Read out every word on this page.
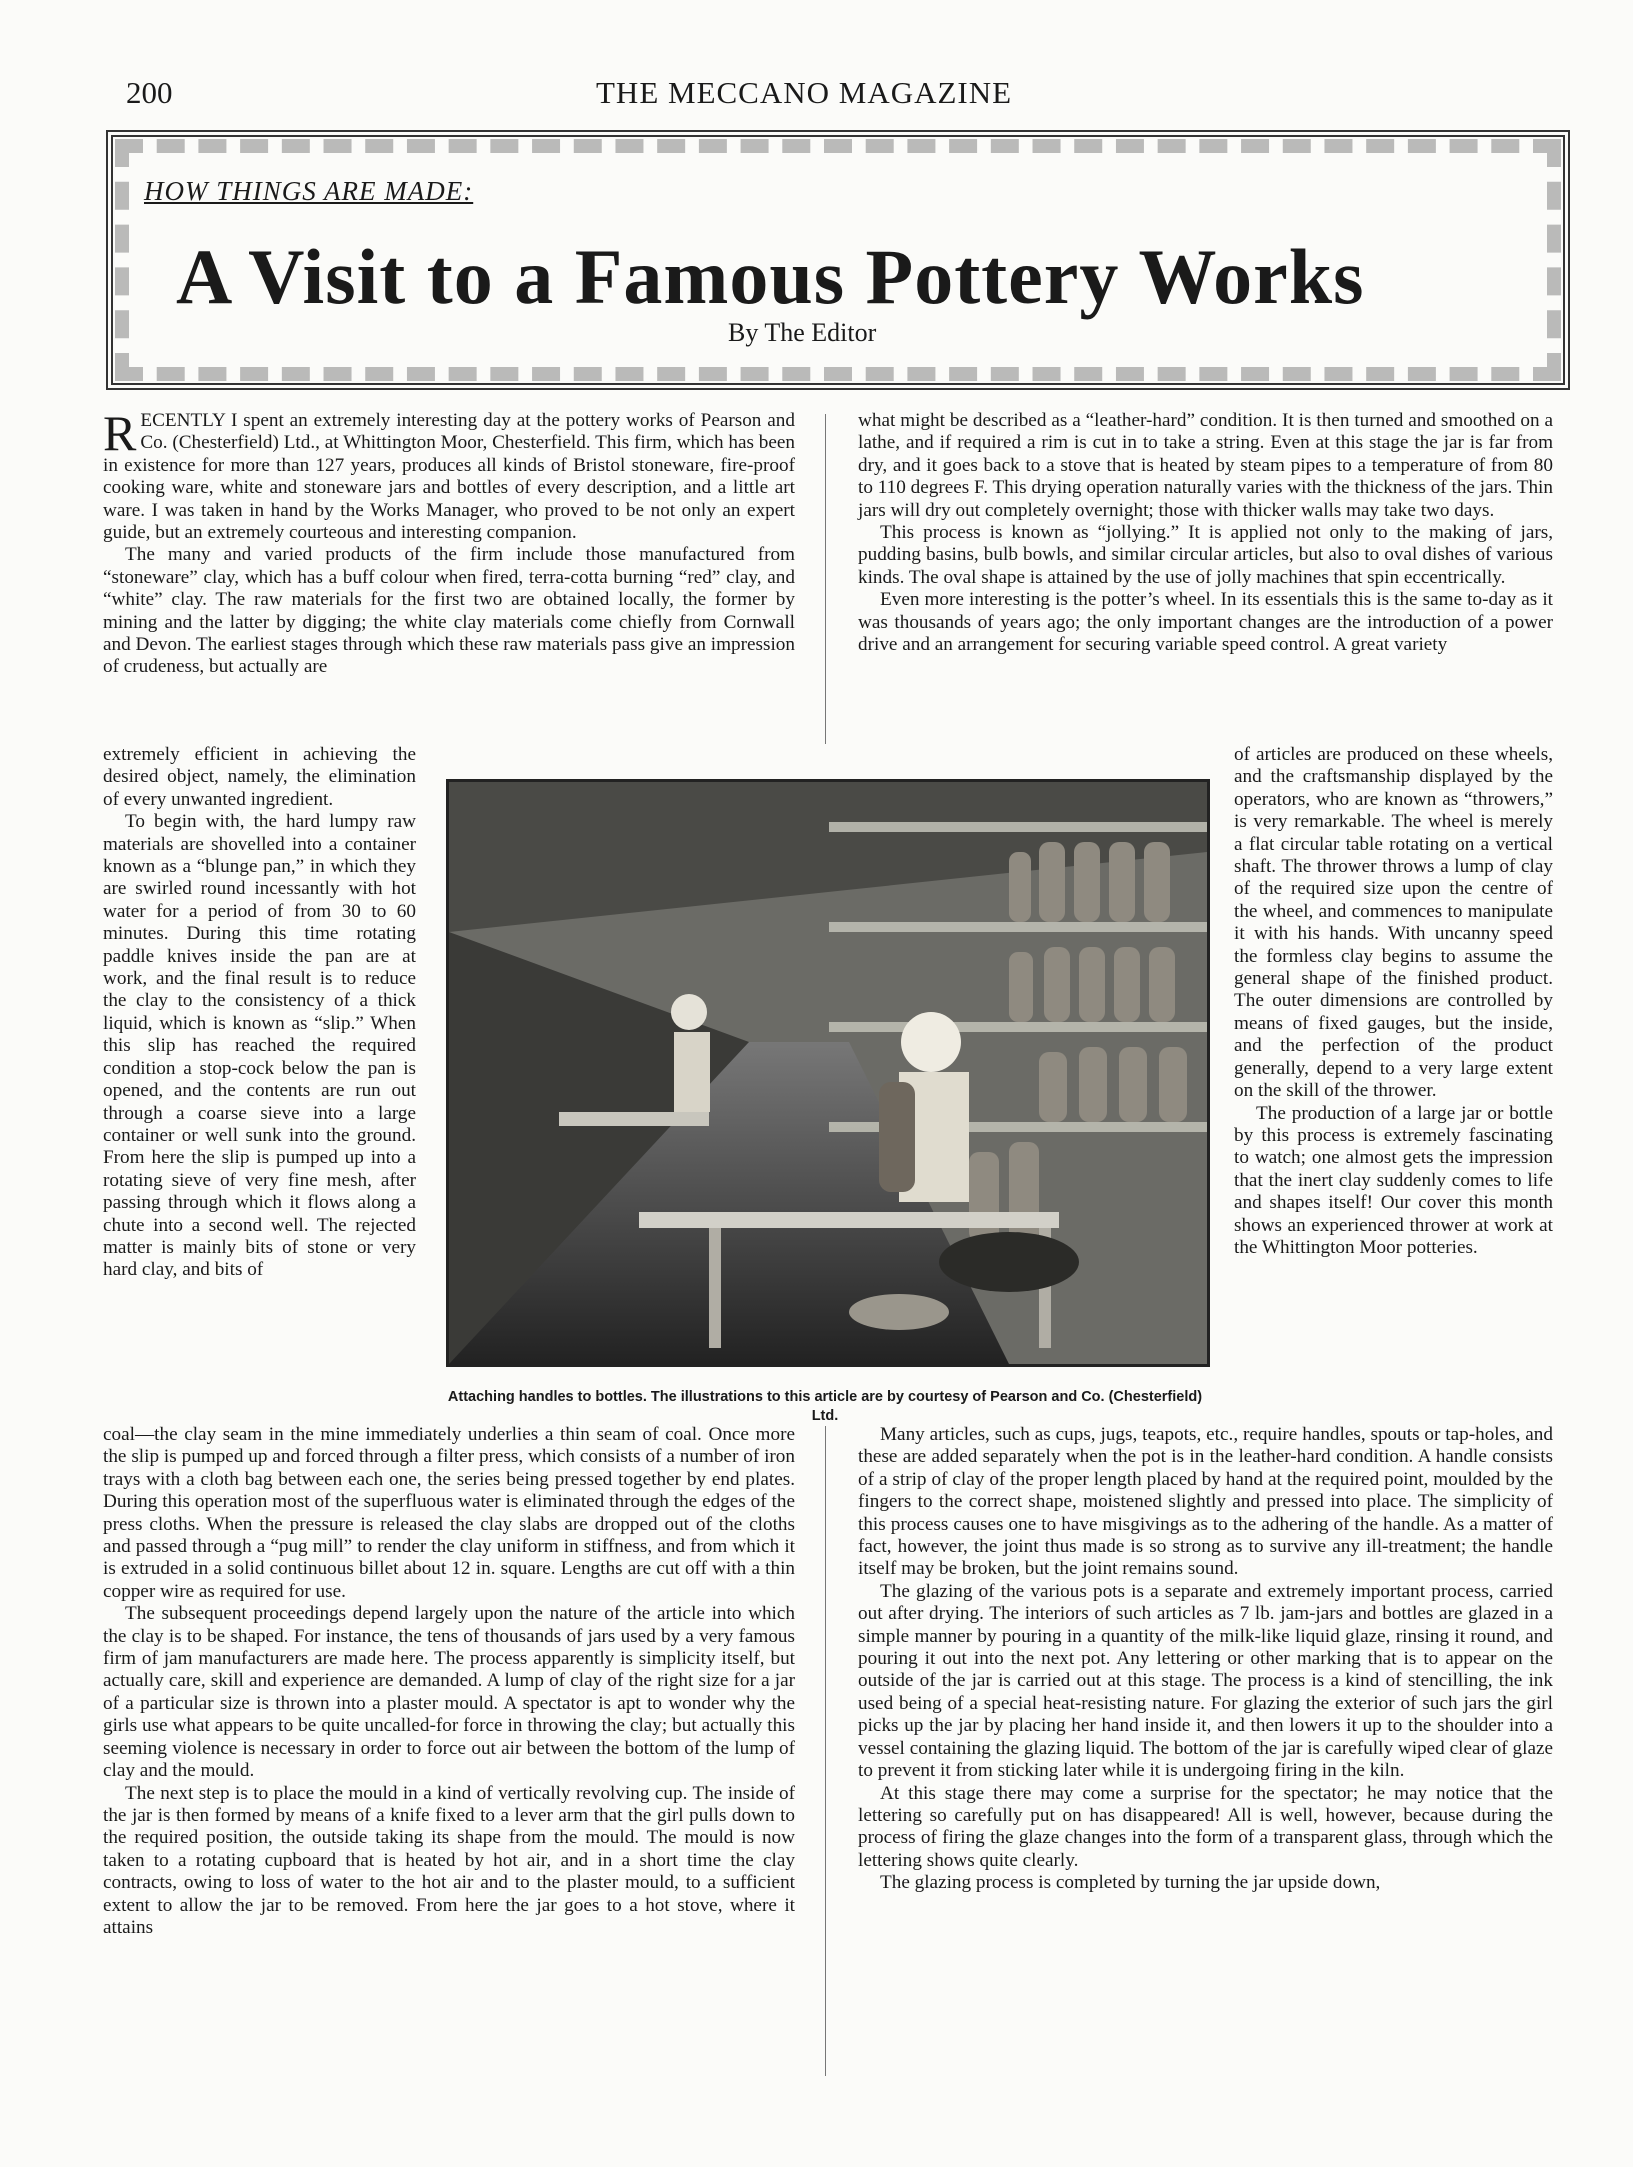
200	THE MECCANO MAGAZINE
HOW THINGS ARE MADE:
A Visit to a Famous Pottery Works
By The Editor

RECENTLY I spent an extremely interesting day at the pottery works of Pearson and Co. (Chesterfield) Ltd., at Whittington Moor, Chesterfield. This firm, which has been in existence for more than 127 years, produces all kinds of Bristol stoneware, fire-proof cooking ware, white and stoneware jars and bottles of every description, and a little art ware. I was taken in hand by the Works Manager, who proved to be not only an expert guide, but an extremely courteous and interesting companion.

The many and varied products of the firm include those manufactured from “stoneware” clay, which has a buff colour when fired, terra-cotta burning “red” clay, and “white” clay. The raw materials for the first two are obtained locally, the former by mining and the latter by digging; the white clay materials come chiefly from Cornwall and Devon. The earliest stages through which these raw materials pass give an impression of crudeness, but actually are

extremely efficient in achieving the desired object, namely, the elimination of every unwanted ingredient.

To begin with, the hard lumpy raw materials are shovelled into a container known as a “blunge pan,” in which they are swirled round incessantly with hot water for a period of from 30 to 60 minutes. During this time rotating paddle knives inside the pan are at work, and the final result is to reduce the clay to the consistency of a thick liquid, which is known as “slip.” When this slip has reached the required condition a stop-cock below the pan is opened, and the contents are run out through a coarse sieve into a large container or well sunk into the ground. From here the slip is pumped up into a rotating sieve of very fine mesh, after passing through which it flows along a chute into a second well. The rejected matter is mainly bits of stone or very hard clay, and bits of

Attaching handles to bottles. The illustrations to this article are by courtesy of Pearson and Co. (Chesterfield) Ltd.

coal—the clay seam in the mine immediately underlies a thin seam of coal. Once more the slip is pumped up and forced through a filter press, which consists of a number of iron trays with a cloth bag between each one, the series being pressed together by end plates. During this operation most of the superfluous water is eliminated through the edges of the press cloths. When the pressure is released the clay slabs are dropped out of the cloths and passed through a “pug mill” to render the clay uniform in stiffness, and from which it is extruded in a solid continuous billet about 12 in. square. Lengths are cut off with a thin copper wire as required for use.

The subsequent proceedings depend largely upon the nature of the article into which the clay is to be shaped. For instance, the tens of thousands of jars used by a very famous firm of jam manufacturers are made here. The process apparently is simplicity itself, but actually care, skill and experience are demanded. A lump of clay of the right size for a jar of a particular size is thrown into a plaster mould. A spectator is apt to wonder why the girls use what appears to be quite uncalled-for force in throwing the clay; but actually this seeming violence is necessary in order to force out air between the bottom of the lump of clay and the mould.

The next step is to place the mould in a kind of vertically revolving cup. The inside of the jar is then formed by means of a knife fixed to a lever arm that the girl pulls down to the required position, the outside taking its shape from the mould. The mould is now taken to a rotating cupboard that is heated by hot air, and in a short time the clay contracts, owing to loss of water to the hot air and to the plaster mould, to a sufficient extent to allow the jar to be removed. From here the jar goes to a hot stove, where it attains

what might be described as a “leather-hard” condition. It is then turned and smoothed on a lathe, and if required a rim is cut in to take a string. Even at this stage the jar is far from dry, and it goes back to a stove that is heated by steam pipes to a temperature of from 80 to 110 degrees F. This drying operation naturally varies with the thickness of the jars. Thin jars will dry out completely overnight; those with thicker walls may take two days.

This process is known as “jollying.” It is applied not only to the making of jars, pudding basins, bulb bowls, and similar circular articles, but also to oval dishes of various kinds. The oval shape is attained by the use of jolly machines that spin eccentrically.

Even more interesting is the potter’s wheel. In its essentials this is the same to-day as it was thousands of years ago; the only important changes are the introduction of a power drive and an arrangement for securing variable speed control. A great variety

of articles are produced on these wheels, and the craftsmanship displayed by the operators, who are known as “throwers,” is very remarkable. The wheel is merely a flat circular table rotating on a vertical shaft. The thrower throws a lump of clay of the required size upon the centre of the wheel, and commences to manipulate it with his hands. With uncanny speed the formless clay begins to assume the general shape of the finished product. The outer dimensions are controlled by means of fixed gauges, but the inside, and the perfection of the product generally, depend to a very large extent on the skill of the thrower.

The production of a large jar or bottle by this process is extremely fascinating to watch; one almost gets the impression that the inert clay suddenly comes to life and shapes itself! Our cover this month shows an experienced thrower at work at the Whittington Moor potteries.

Many articles, such as cups, jugs, teapots, etc., require handles, spouts or tap-holes, and these are added separately when the pot is in the leather-hard condition. A handle consists of a strip of clay of the proper length placed by hand at the required point, moulded by the fingers to the correct shape, moistened slightly and pressed into place. The simplicity of this process causes one to have misgivings as to the adhering of the handle. As a matter of fact, however, the joint thus made is so strong as to survive any ill-treatment; the handle itself may be broken, but the joint remains sound.

The glazing of the various pots is a separate and extremely important process, carried out after drying. The interiors of such articles as 7 lb. jam-jars and bottles are glazed in a simple manner by pouring in a quantity of the milk-like liquid glaze, rinsing it round, and pouring it out into the next pot. Any lettering or other marking that is to appear on the outside of the jar is carried out at this stage. The process is a kind of stencilling, the ink used being of a special heat-resisting nature. For glazing the exterior of such jars the girl picks up the jar by placing her hand inside it, and then lowers it up to the shoulder into a vessel containing the glazing liquid. The bottom of the jar is carefully wiped clear of glaze to prevent it from sticking later while it is undergoing firing in the kiln.

At this stage there may come a surprise for the spectator; he may notice that the lettering so carefully put on has disappeared! All is well, however, because during the process of firing the glaze changes into the form of a transparent glass, through which the lettering shows quite clearly.

The glazing process is completed by turning the jar upside down,
